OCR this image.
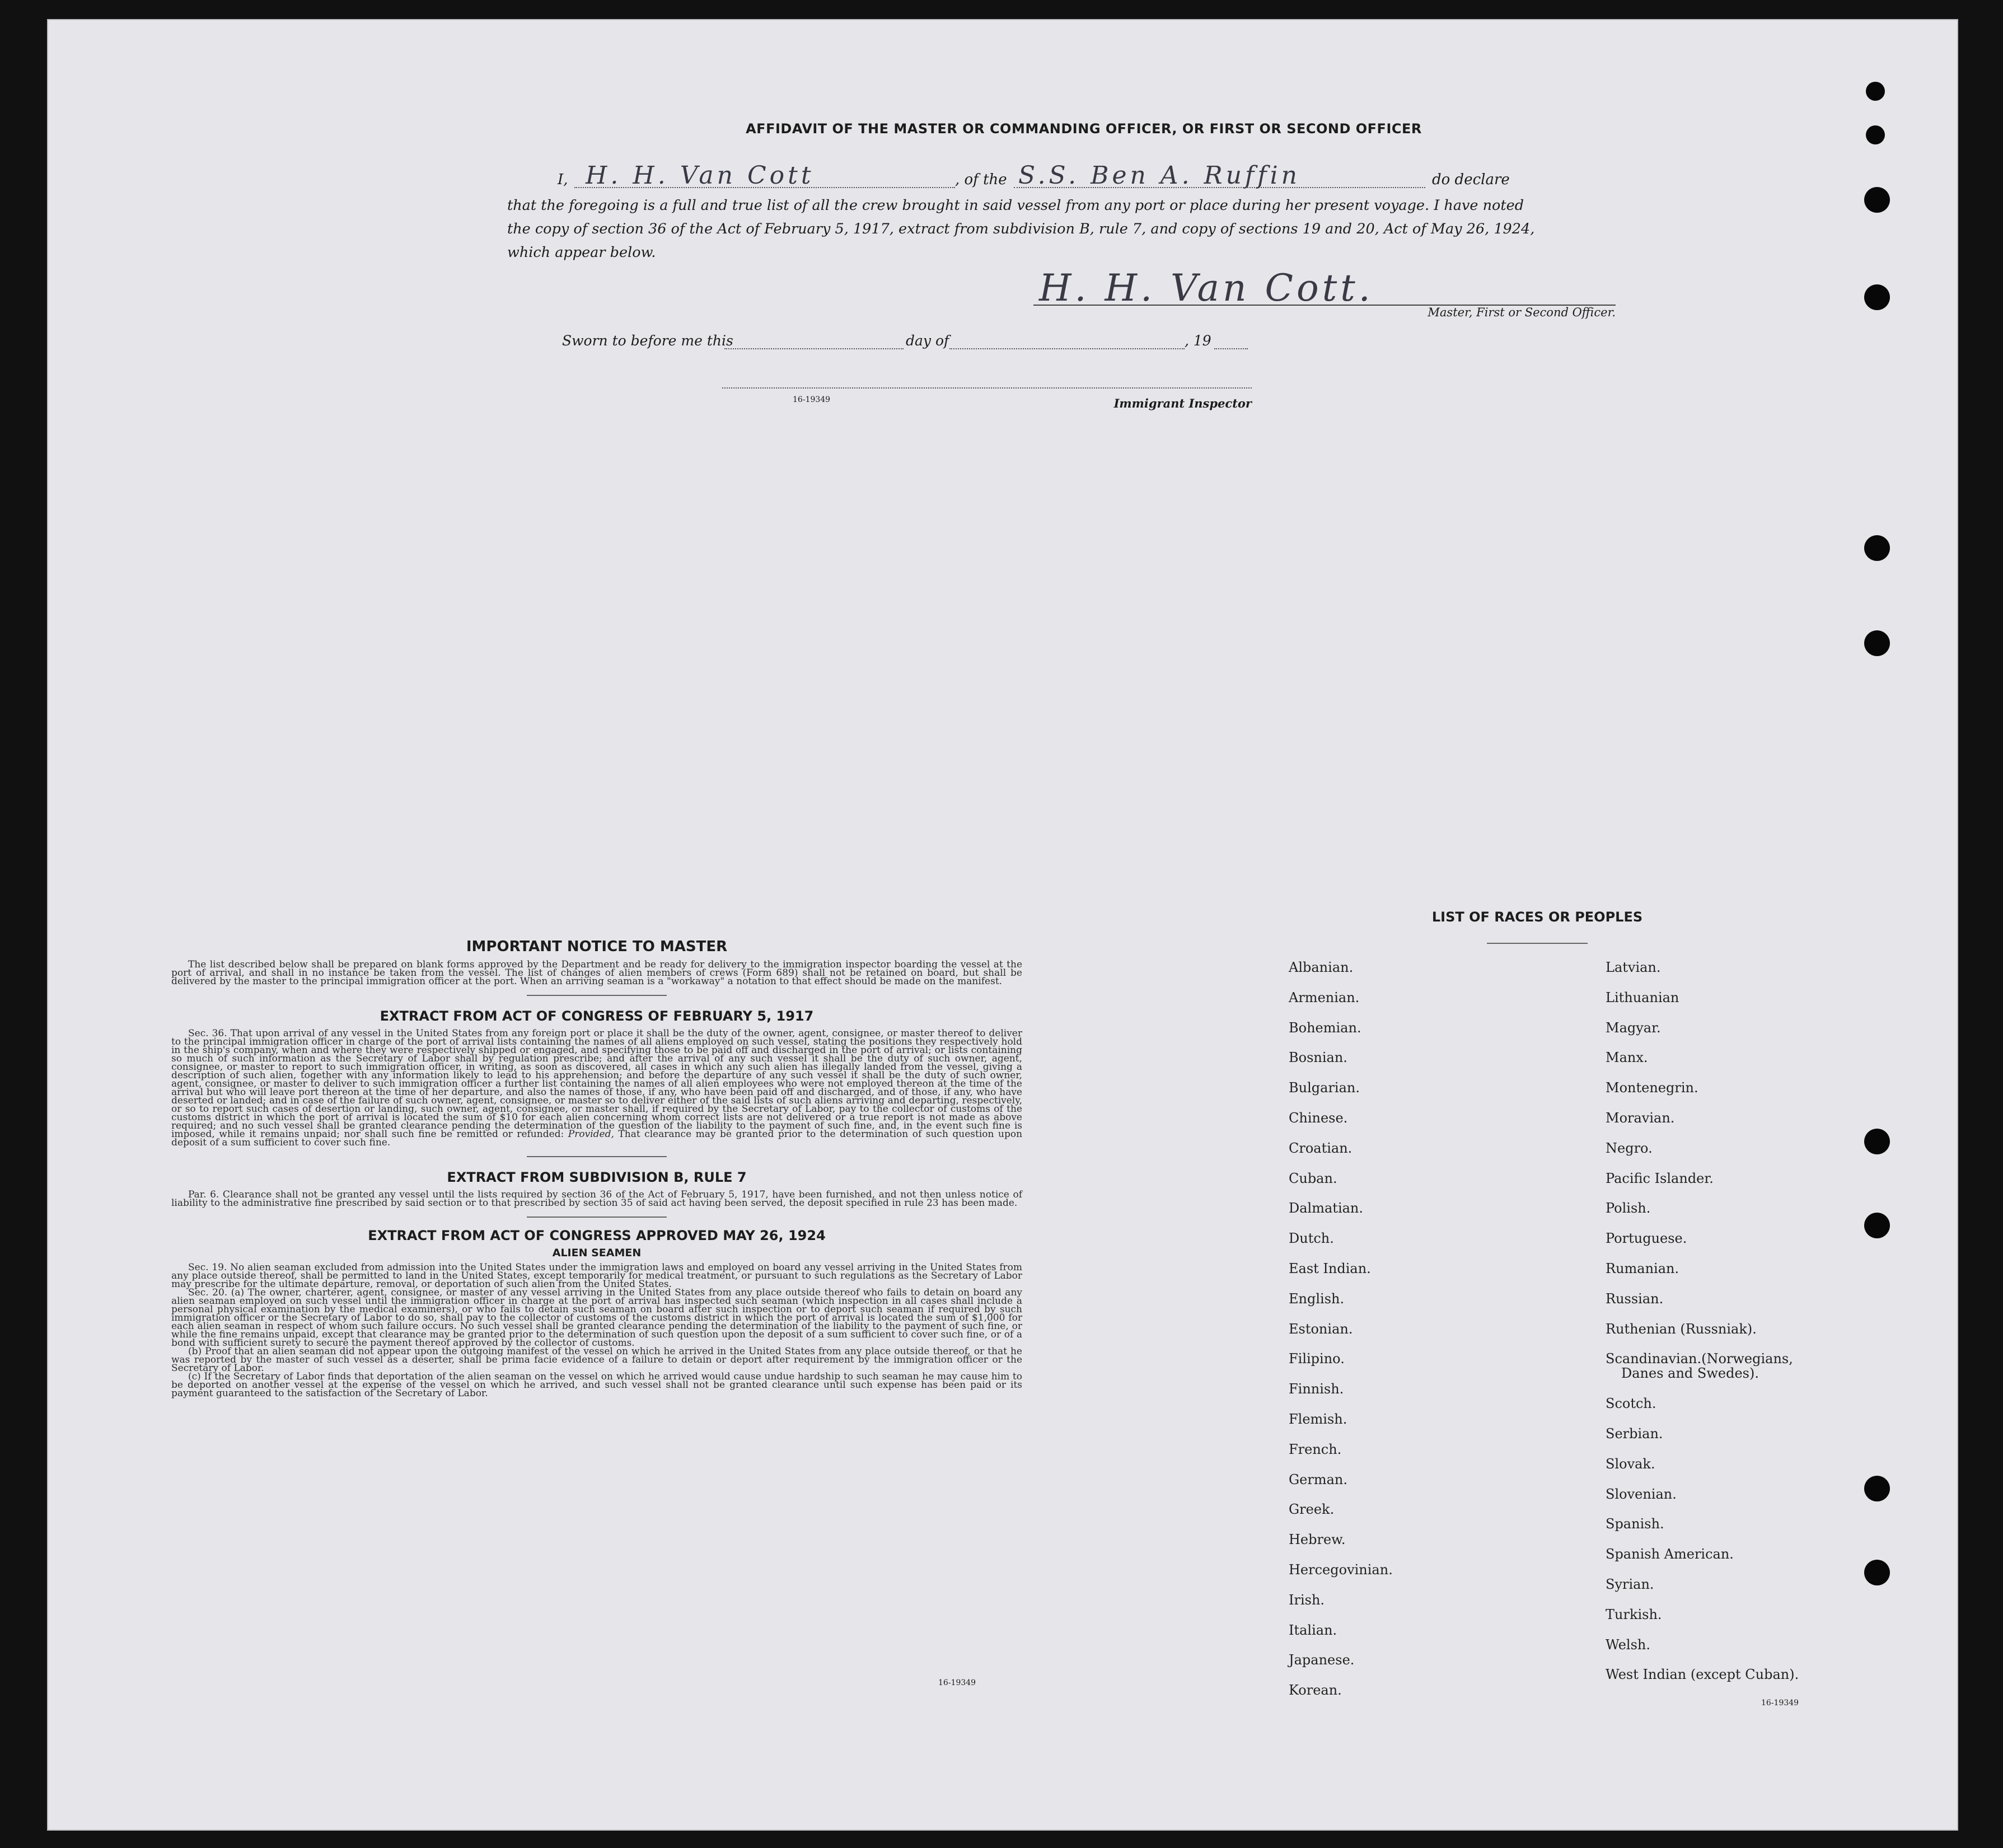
AFFIDAVIT OF THE MASTER OR COMMANDING OFFICER, OR FIRST OR SECOND OFFICER
I, H. H. Van Cott	, of the S.S. Ben A. Ruffin	do declare
that the foregoing is a full and true list of all the crew brought in said vessel from any port or place during her present voyage. I have noted
the copy of section 36 of the Act of February 5, 1917, extract from subdivision B, rule 7, and copy of sections 19 and 20, Act of May 26, 1924,
which appear below.
H. H. Van Cott.
Master, First or Second Officer.
Sworn to before me this	day of	, 19
16-19349	Immigrant Inspector
IMPORTANT NOTICE TO MASTER
The list described below shall be prepared on blank forms approved by the Department and be ready for delivery to the immigration inspector boarding the vessel at the port of arrival, and shall in no instance be taken from the vessel. The list of changes of alien members of crews (Form 689) shall not be retained on board, but shall be delivered by the master to the principal immigration officer at the port. When an arriving seaman is a "workaway" a notation to that effect should be made on the manifest.
EXTRACT FROM ACT OF CONGRESS OF FEBRUARY 5, 1917
Sec. 36. That upon arrival of any vessel in the United States from any foreign port or place it shall be the duty of the owner, agent, consignee, or master thereof to deliver to the principal immigration officer in charge of the port of arrival lists containing the names of all aliens employed on such vessel, stating the positions they respectively hold in the ship's company, when and where they were respectively shipped or engaged, and specifying those to be paid off and discharged in the port of arrival; or lists containing so much of such information as the Secretary of Labor shall by regulation prescribe; and after the arrival of any such vessel it shall be the duty of such owner, agent, consignee, or master to report to such immigration officer, in writing, as soon as discovered, all cases in which any such alien has illegally landed from the vessel, giving a description of such alien, together with any information likely to lead to his apprehension; and before the departure of any such vessel it shall be the duty of such owner, agent, consignee, or master to deliver to such immigration officer a further list containing the names of all alien employees who were not employed thereon at the time of the arrival but who will leave port thereon at the time of her departure, and also the names of those, if any, who have been paid off and discharged, and of those, if any, who have deserted or landed; and in case of the failure of such owner, agent, consignee, or master so to deliver either of the said lists of such aliens arriving and departing, respectively, or so to report such cases of desertion or landing, such owner, agent, consignee, or master shall, if required by the Secretary of Labor, pay to the collector of customs of the customs district in which the port of arrival is located the sum of $10 for each alien concerning whom correct lists are not delivered or a true report is not made as above required; and no such vessel shall be granted clearance pending the determination of the question of the liability to the payment of such fine, and, in the event such fine is imposed, while it remains unpaid; nor shall such fine be remitted or refunded: Provided, That clearance may be granted prior to the determination of such question upon deposit of a sum sufficient to cover such fine.
EXTRACT FROM SUBDIVISION B, RULE 7
Par. 6. Clearance shall not be granted any vessel until the lists required by section 36 of the Act of February 5, 1917, have been furnished, and not then unless notice of liability to the administrative fine prescribed by said section or to that prescribed by section 35 of said act having been served, the deposit specified in rule 23 has been made.
EXTRACT FROM ACT OF CONGRESS APPROVED MAY 26, 1924
ALIEN SEAMEN
Sec. 19. No alien seaman excluded from admission into the United States under the immigration laws and employed on board any vessel arriving in the United States from any place outside thereof, shall be permitted to land in the United States, except temporarily for medical treatment, or pursuant to such regulations as the Secretary of Labor may prescribe for the ultimate departure, removal, or deportation of such alien from the United States.
Sec. 20. (a) The owner, charterer, agent, consignee, or master of any vessel arriving in the United States from any place outside thereof who fails to detain on board any alien seaman employed on such vessel until the immigration officer in charge at the port of arrival has inspected such seaman (which inspection in all cases shall include a personal physical examination by the medical examiners), or who fails to detain such seaman on board after such inspection or to deport such seaman if required by such immigration officer or the Secretary of Labor to do so, shall pay to the collector of customs of the customs district in which the port of arrival is located the sum of $1,000 for each alien seaman in respect of whom such failure occurs. No such vessel shall be granted clearance pending the determination of the liability to the payment of such fine, or while the fine remains unpaid, except that clearance may be granted prior to the determination of such question upon the deposit of a sum sufficient to cover such fine, or of a bond with sufficient surety to secure the payment thereof approved by the collector of customs.
(b) Proof that an alien seaman did not appear upon the outgoing manifest of the vessel on which he arrived in the United States from any place outside thereof, or that he was reported by the master of such vessel as a deserter, shall be prima facie evidence of a failure to detain or deport after requirement by the immigration officer or the Secretary of Labor.
(c) If the Secretary of Labor finds that deportation of the alien seaman on the vessel on which he arrived would cause undue hardship to such seaman he may cause him to be deported on another vessel at the expense of the vessel on which he arrived, and such vessel shall not be granted clearance until such expense has been paid or its payment guaranteed to the satisfaction of the Secretary of Labor.
16-19349
LIST OF RACES OR PEOPLES
Albanian.
Armenian.
Bohemian.
Bosnian.
Bulgarian.
Chinese.
Croatian.
Cuban.
Dalmatian.
Dutch.
East Indian.
English.
Estonian.
Filipino.
Finnish.
Flemish.
French.
German.
Greek.
Hebrew.
Hercegovinian.
Irish.
Italian.
Japanese.
Korean.
Latvian.
Lithuanian
Magyar.
Manx.
Montenegrin.
Moravian.
Negro.
Pacific Islander.
Polish.
Portuguese.
Rumanian.
Russian.
Ruthenian (Russniak).
Scandinavian.(Norwegians,
Danes and Swedes).
Scotch.
Serbian.
Slovak.
Slovenian.
Spanish.
Spanish American.
Syrian.
Turkish.
Welsh.
West Indian (except Cuban).
16-19349
